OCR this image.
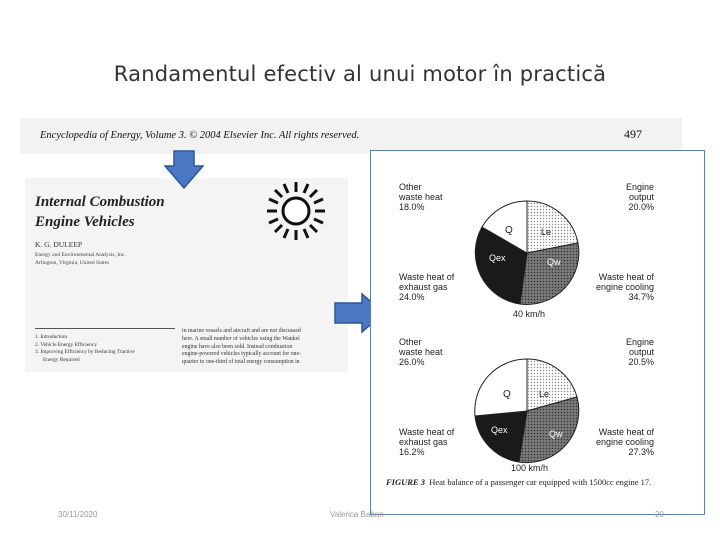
Randamentul efectiv al unui motor în practică
Encyclopedia of Energy, Volume 3. © 2004 Elsevier Inc. All rights reserved.	497
Internal Combustion
Engine Vehicles
K. G. DULEEP
Energy and Environmental Analysis, Inc.
Arlington, Virginia, United States
1. Introduction
2. Vehicle Energy Efficiency
3. Improving Efficiency by Reducing Tractive
Energy Required
in marine vessels and aircraft and are not discussed
here. A small number of vehicles using the Wankel
engine have also been sold. Instead combustion
engine-powered vehicles typically account for one-
quarter to one-third of total energy consumption in
Q	Le
Qex	Qw
Other
waste heat
18.0%
Engine
output
20.0%
Waste heat of
exhaust gas
24.0%
Waste heat of
engine cooling
34.7%
40 km/h
Q	Le
Qex	Qw
Other
waste heat
26.0%
Engine
output
20.5%
Waste heat of
exhaust gas
16.2%
Waste heat of
engine cooling
27.3%
100 km/h
FIGURE 3 Heat balance of a passenger car equipped with 1500cc engine 17.
30/11/2020	Valerica Baban	20
